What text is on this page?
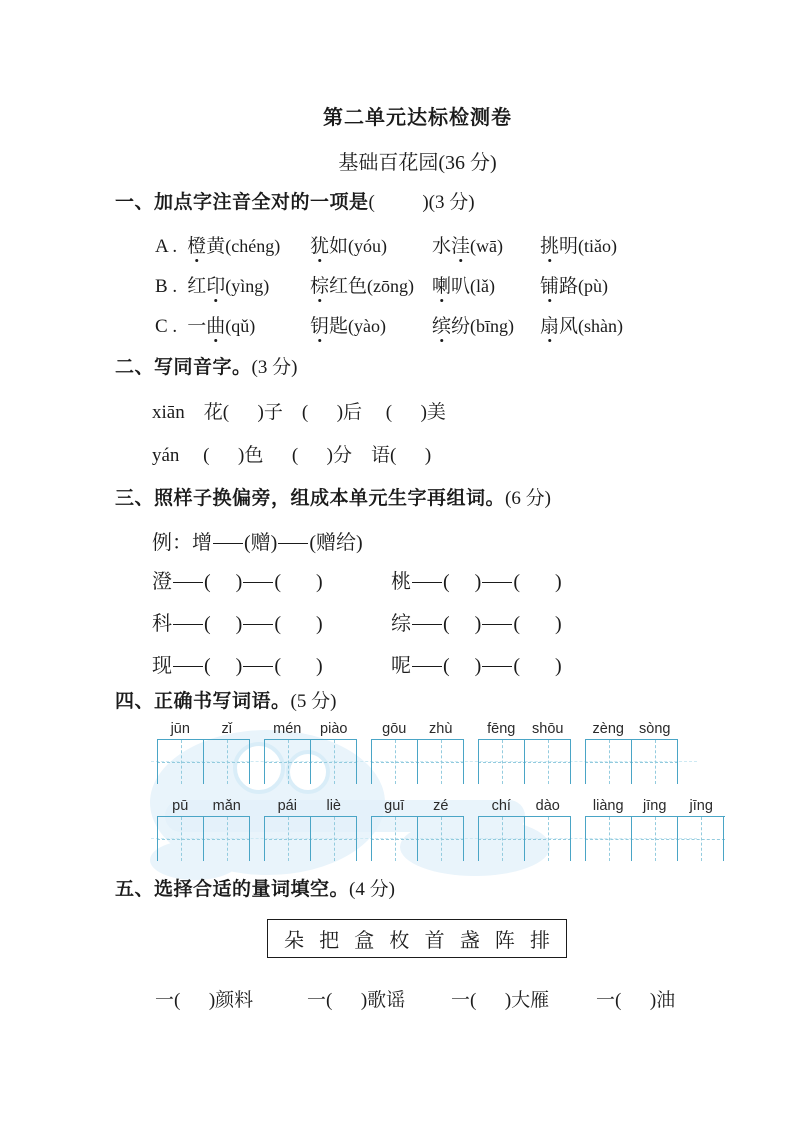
第二单元达标检测卷
基础百花园(36 分)
一、加点字注音全对的一项是(          )(3 分)
A . 橙黄(chéng)	犹如(yóu)	水洼(wā)	挑明(tiǎo)
B . 红印(yìng)	棕红色(zōng) 喇叭(lǎ)	铺路(pù)
C . 一曲(qǔ)	钥匙(yào)	缤纷(bīng)	扇风(shàn)
二、写同音字。(3 分)
xiān    花(      )子    (      )后     (      )美
yán     (      )色      (      )分    语(      )
三、照样子换偏旁，组成本单元生字再组词。(6 分)
例：增 (赠) (赠给)
澄 (     ) (       )	桃 (     ) (       )
科 (     ) (       )	综 (     ) (       )
现 (     ) (       )	呢 (     ) (       )
四、正确书写词语。(5 分)
jūn	zǐ	mén	piào	gōu	zhù	fēng	shōu	zèng	sòng
pū	mǎn	pái	liè	guī	zé	chí	dào	liàng	jīng	jīng
五、选择合适的量词填空。(4 分)
朵 把 盒 枚 首 盏 阵 排
一(      )颜料	一(      )歌谣	一(      )大雁	一(      )油
